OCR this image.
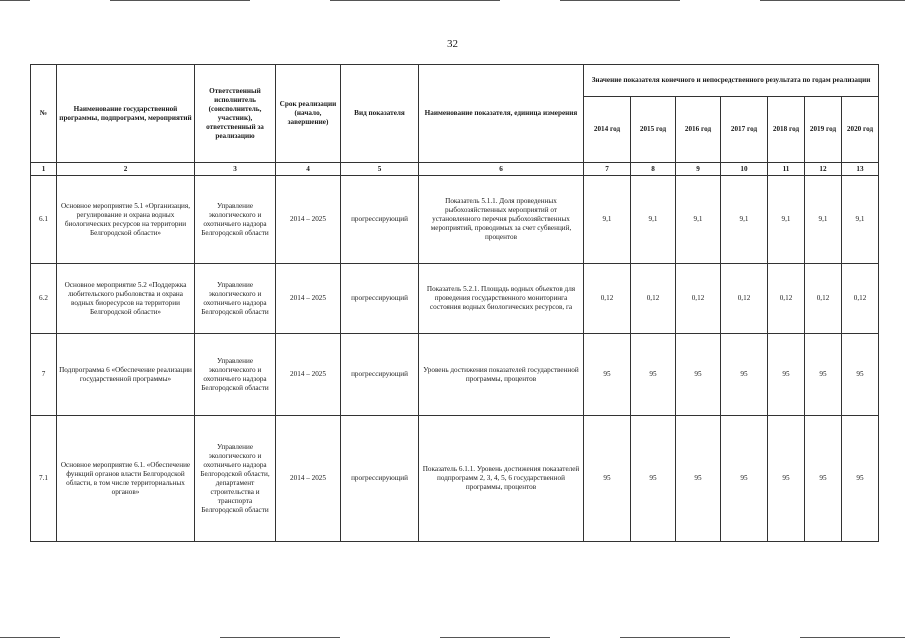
32
№	Наименование государственной программы, подпрограмм, мероприятий	Ответственный исполнитель (соисполнитель, участник), ответственный за реализацию	Срок реализации (начало, завершение)	Вид показателя	Наименование показателя, единица измерения	Значение показателя конечного и непосредственного результата по годам реализации						
						2014 год	2015 год	2016 год	2017 год	2018 год	2019 год	2020 год
1	2	3	4	5	6	7	8	9	10	11	12	13
6.1	Основное мероприятие 5.1 «Организация, регулирование и охрана водных биологических ресурсов на территории Белгородской области»	Управление экологического и охотничьего надзора Белгородской области	2014 – 2025	прогрессирующий	Показатель 5.1.1. Доля проведенных рыбохозяйственных мероприятий от установленного перечня рыбохозяйственных мероприятий, проводимых за счет субвенций, процентов	9,1	9,1	9,1	9,1	9,1	9,1	9,1
6.2	Основное мероприятие 5.2 «Поддержка любительского рыболовства и охрана водных биоресурсов на территории Белгородской области»	Управление экологического и охотничьего надзора Белгородской области	2014 – 2025	прогрессирующий	Показатель 5.2.1. Площадь водных объектов для проведения государственного мониторинга состояния водных биологических ресурсов, га	0,12	0,12	0,12	0,12	0,12	0,12	0,12
7	Подпрограмма 6 «Обеспечение реализации государственной программы»	Управление экологического и охотничьего надзора Белгородской области	2014 – 2025	прогрессирующий	Уровень достижения показателей государственной программы, процентов	95	95	95	95	95	95	95
7.1	Основное мероприятие 6.1. «Обеспечение функций органов власти Белгородской области, в том числе территориальных органов»	Управление экологического и охотничьего надзора Белгородской области, департамент строительства и транспорта Белгородской области	2014 – 2025	прогрессирующий	Показатель 6.1.1. Уровень достижения показателей подпрограмм 2, 3, 4, 5, 6 государственной программы, процентов	95	95	95	95	95	95	95
